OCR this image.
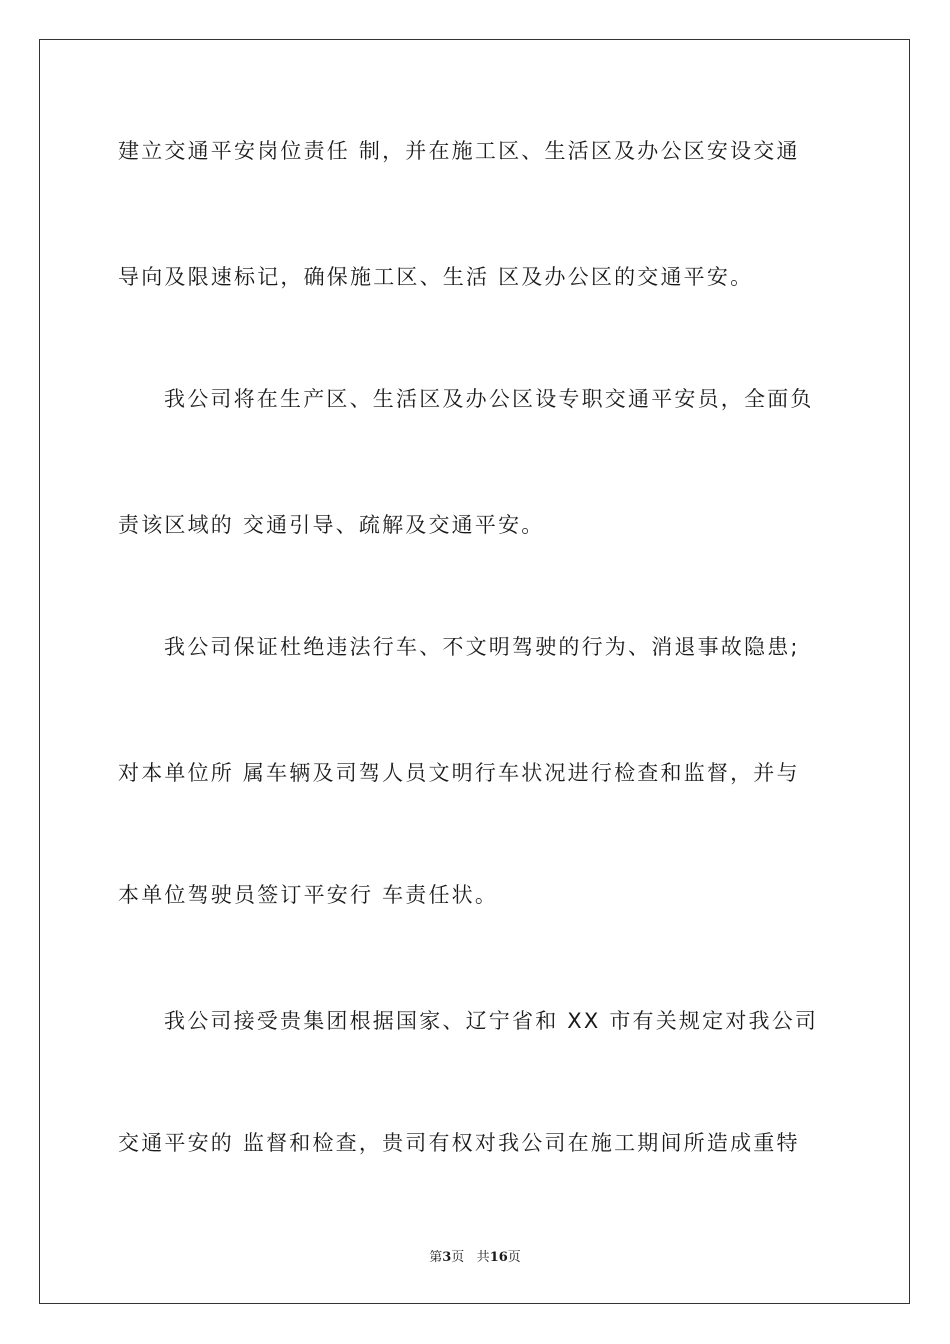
建立交通平安岗位责任 制，并在施工区、生活区及办公区安设交通
导向及限速标记，确保施工区、生活 区及办公区的交通平安。
我公司将在生产区、生活区及办公区设专职交通平安员，全面负
责该区域的 交通引导、疏解及交通平安。
我公司保证杜绝违法行车、不文明驾驶的行为、消退事故隐患;
对本单位所 属车辆及司驾人员文明行车状况进行检查和监督，并与
本单位驾驶员签订平安行 车责任状。
我公司接受贵集团根据国家、辽宁省和 XX 市有关规定对我公司
交通平安的 监督和检查，贵司有权对我公司在施工期间所造成重特
第3页 共16页
